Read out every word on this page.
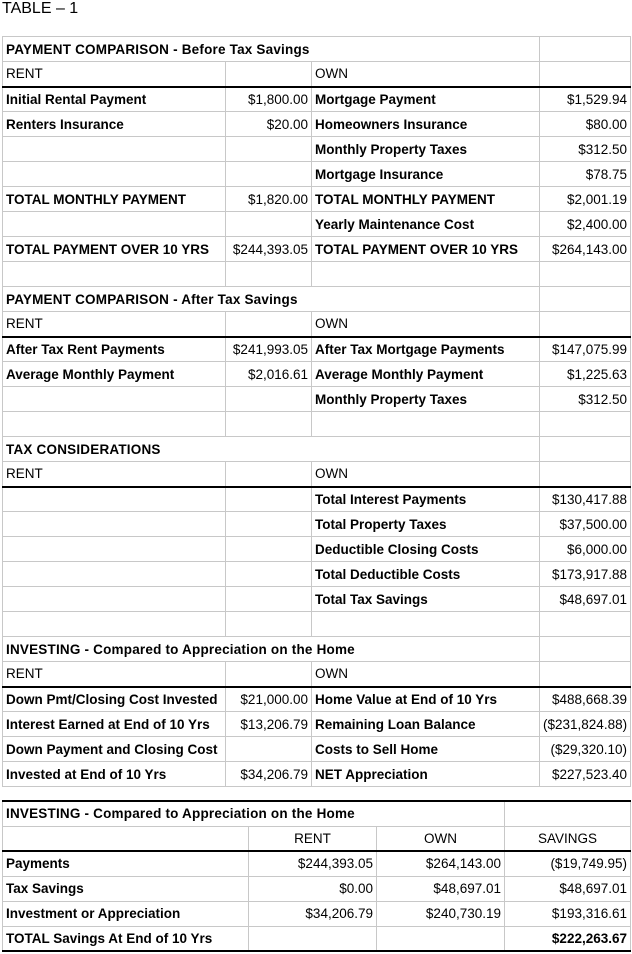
TABLE – 1
PAYMENT COMPARISON - Before Tax Savings			
RENT		OWN	
Initial Rental Payment	$1,800.00	Mortgage Payment	$1,529.94
Renters Insurance	$20.00	Homeowners Insurance	$80.00
		Monthly Property Taxes	$312.50
		Mortgage Insurance	$78.75
TOTAL MONTHLY PAYMENT	$1,820.00	TOTAL MONTHLY PAYMENT	$2,001.19
		Yearly Maintenance Cost	$2,400.00
TOTAL PAYMENT OVER 10 YRS	$244,393.05	TOTAL PAYMENT OVER 10 YRS	$264,143.00

PAYMENT COMPARISON - After Tax Savings			
RENT		OWN	
After Tax Rent Payments	$241,993.05	After Tax Mortgage Payments	$147,075.99
Average Monthly Payment	$2,016.61	Average Monthly Payment	$1,225.63
		Monthly Property Taxes	$312.50

TAX CONSIDERATIONS			
RENT		OWN	
		Total Interest Payments	$130,417.88
		Total Property Taxes	$37,500.00
		Deductible Closing Costs	$6,000.00
		Total Deductible Costs	$173,917.88
		Total Tax Savings	$48,697.01

INVESTING - Compared to Appreciation on the Home			
RENT		OWN	
Down Pmt/Closing Cost Invested	$21,000.00	Home Value at End of 10 Yrs	$488,668.39
Interest Earned at End of 10 Yrs	$13,206.79	Remaining Loan Balance	($231,824.88)
Down Payment and Closing Cost		Costs to Sell Home	($29,320.10)
Invested at End of 10 Yrs	$34,206.79	NET Appreciation	$227,523.40
INVESTING - Compared to Appreciation on the Home			
	RENT	OWN	SAVINGS
Payments	$244,393.05	$264,143.00	($19,749.95)
Tax Savings	$0.00	$48,697.01	$48,697.01
Investment or Appreciation	$34,206.79	$240,730.19	$193,316.61
TOTAL Savings At End of 10 Yrs			$222,263.67
